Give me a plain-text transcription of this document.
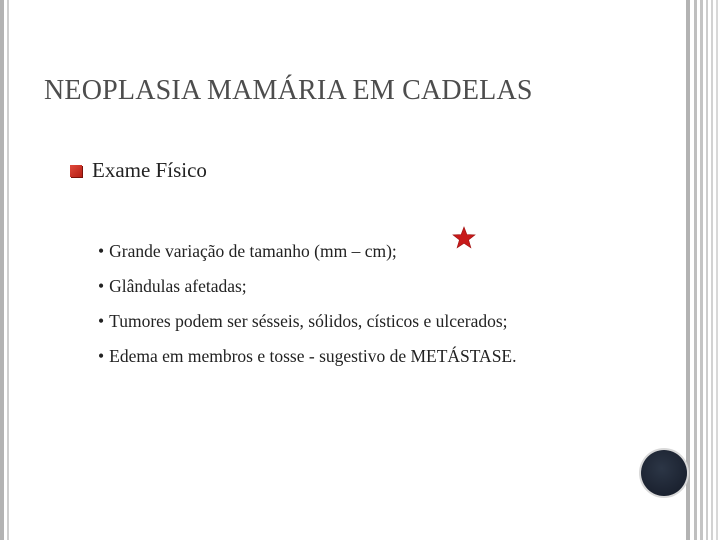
NEOPLASIA MAMÁRIA EM CADELAS
Exame Físico
• Grande variação de tamanho (mm – cm);
• Glândulas afetadas;
• Tumores podem ser sésseis, sólidos, císticos e ulcerados;
• Edema em membros e tosse - sugestivo de METÁSTASE.
